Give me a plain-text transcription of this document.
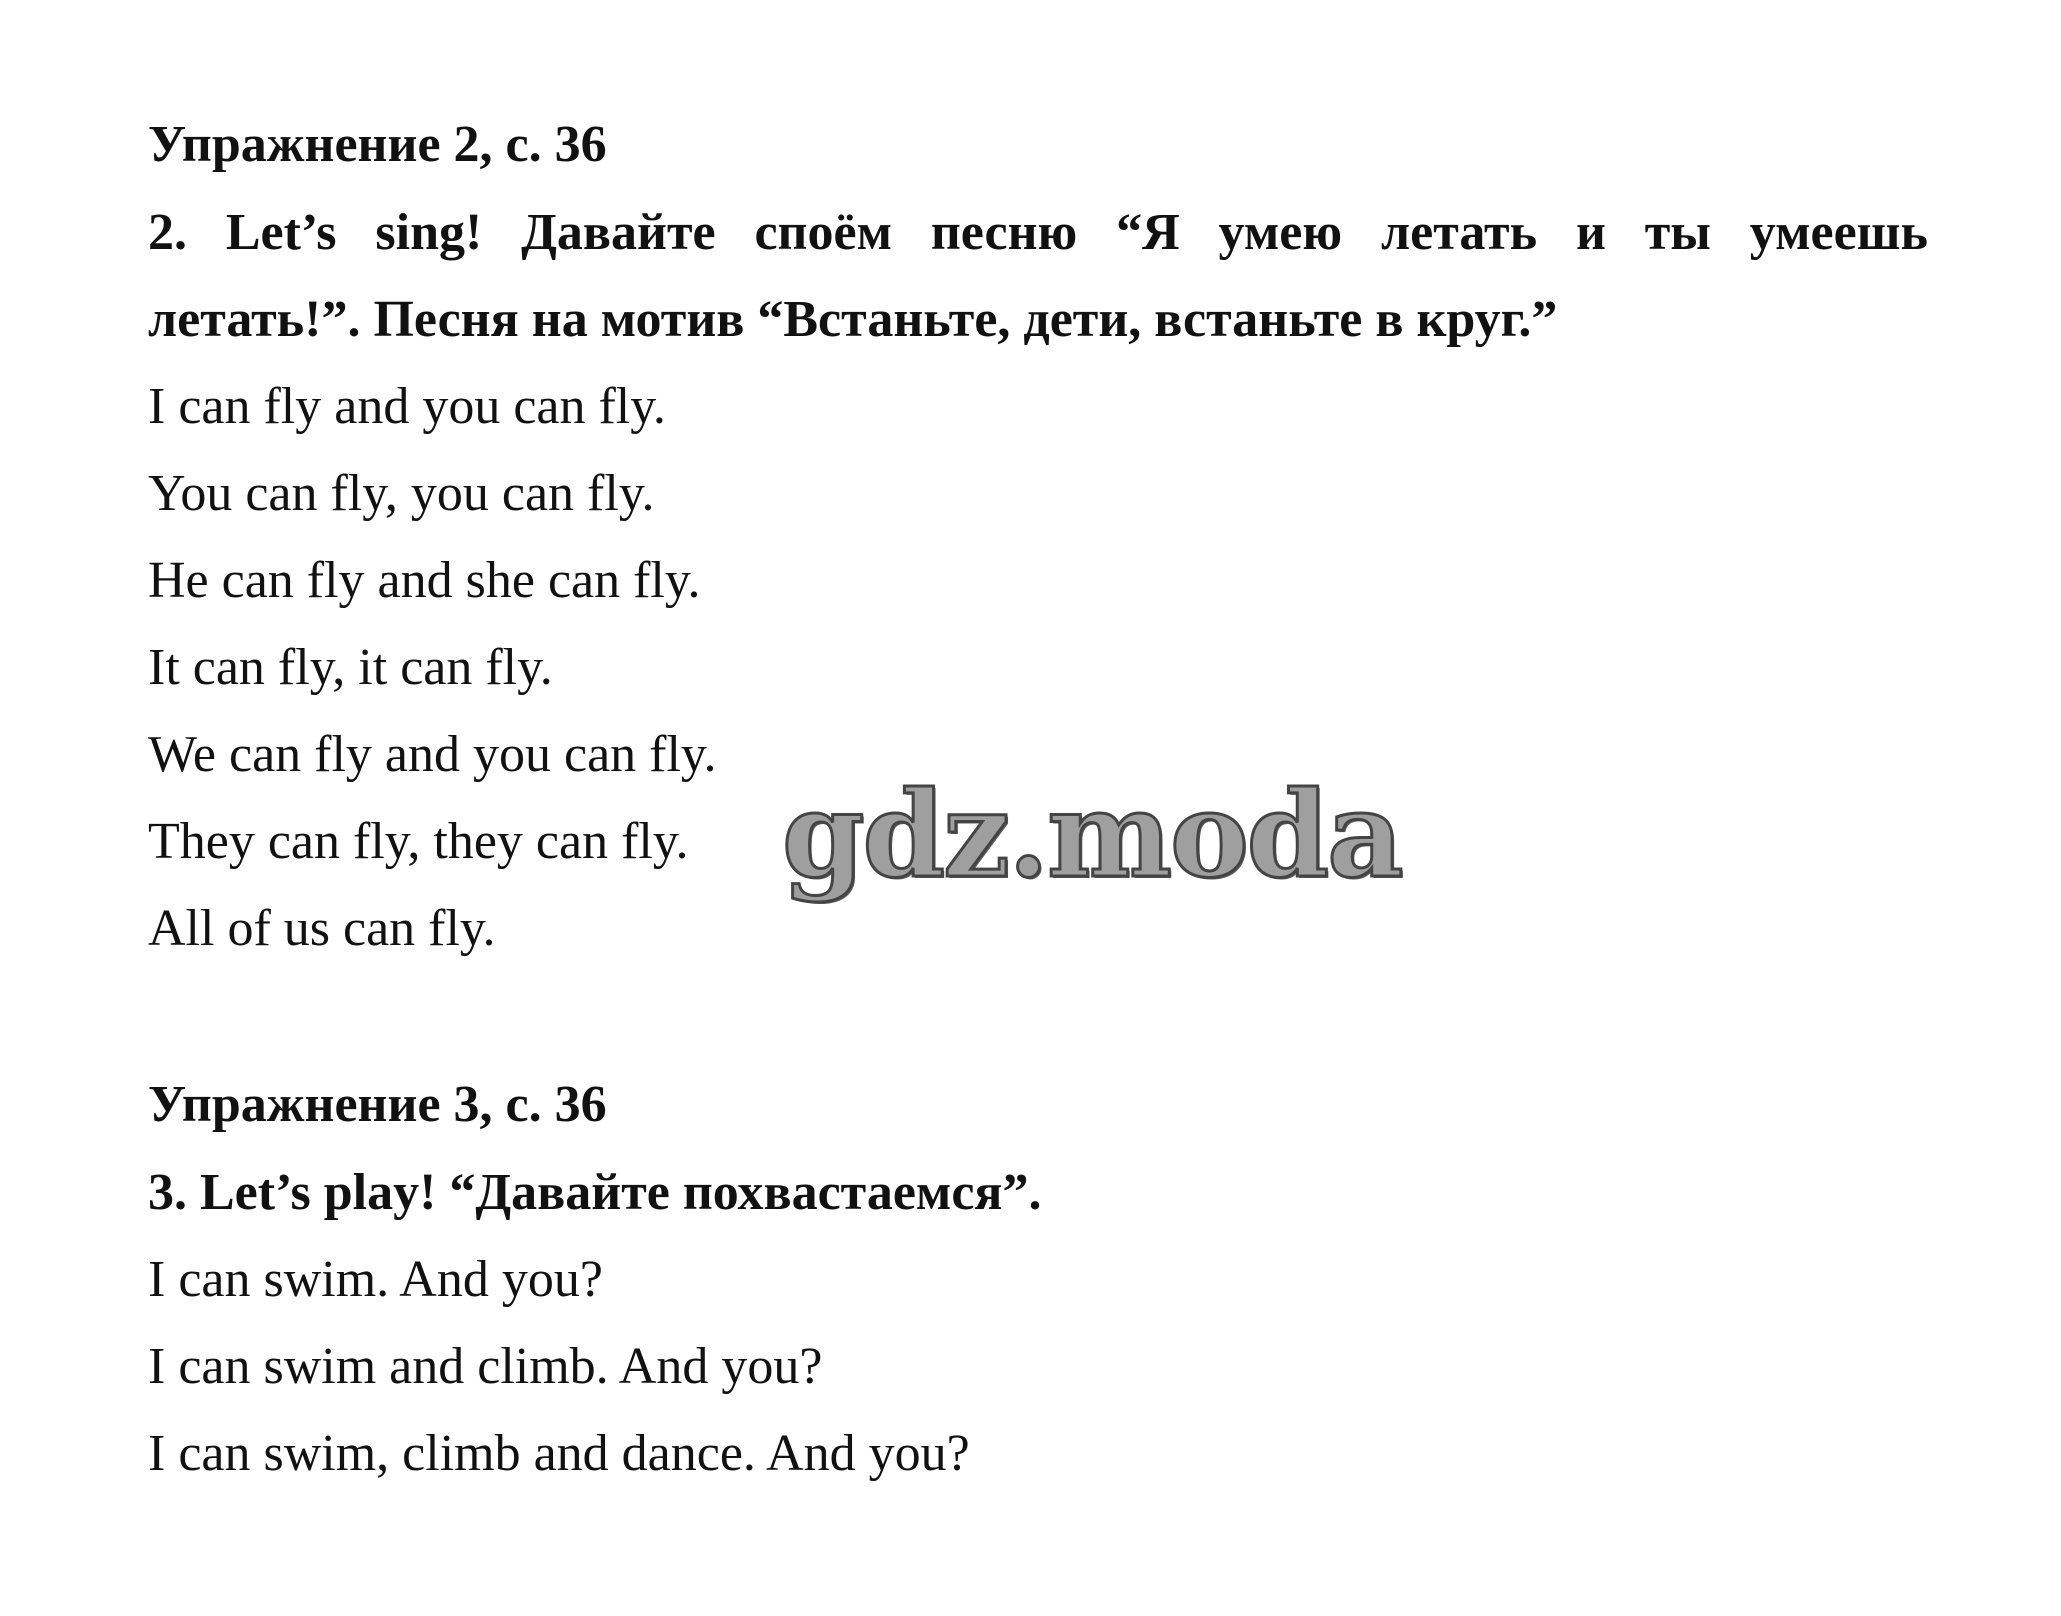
Упражнение 2, с. 36
2. Let’s sing! Давайте споём песню “Я умею летать и ты умеешь
летать!”. Песня на мотив “Встаньте, дети, встаньте в круг.”
I can fly and you can fly.
You can fly, you can fly.
He can fly and she can fly.
It can fly, it can fly.
We can fly and you can fly.
They can fly, they can fly.
All of us can fly.
Упражнение 3, с. 36
3. Let’s play! “Давайте похвастаемся”.
I can swim. And you?
I can swim and climb. And you?
I can swim, climb and dance. And you?
gdz.moda
